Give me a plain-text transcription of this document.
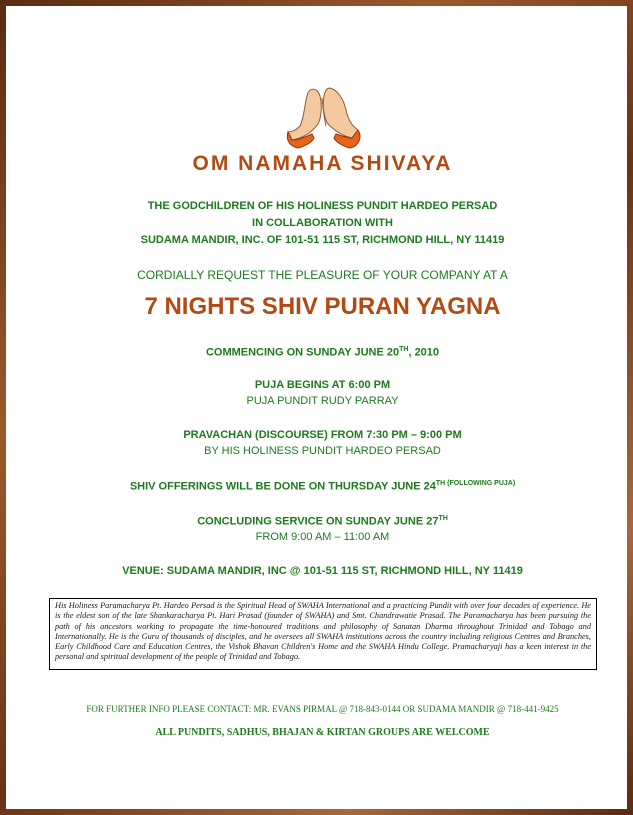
OM NAMAHA SHIVAYA
THE GODCHILDREN OF HIS HOLINESS PUNDIT HARDEO PERSAD
IN COLLABORATION WITH
SUDAMA MANDIR, INC. OF 101-51 115 ST, RICHMOND HILL, NY 11419
CORDIALLY REQUEST THE PLEASURE OF YOUR COMPANY AT A
7 NIGHTS SHIV PURAN YAGNA
COMMENCING ON SUNDAY JUNE 20TH, 2010
PUJA BEGINS AT 6:00 PM
PUJA PUNDIT RUDY PARRAY
PRAVACHAN (DISCOURSE) FROM 7:30 PM – 9:00 PM
BY HIS HOLINESS PUNDIT HARDEO PERSAD
SHIV OFFERINGS WILL BE DONE ON THURSDAY JUNE $24^{TH (FOLLOWING PUJA)}$
CONCLUDING SERVICE ON SUNDAY JUNE 27TH
FROM 9:00 AM – 11:00 AM
VENUE: SUDAMA MANDIR, INC @ 101-51 115 ST, RICHMOND HILL, NY 11419
His Holiness Paramacharya Pt. Hardeo Persad is the Spiritual Head of SWAHA International and a practicing Pundit with over four decades of experience. He is the eldest son of the late Shankaracharya Pt. Hari Prasad (founder of SWAHA) and Smt. Chandrawatie Prasad. The Paramacharya has been pursuing the path of his ancestors working to propagate the time-honoured traditions and philosophy of Sanatan Dharma throughout Trinidad and Tobago and Internationally. He is the Guru of thousands of disciples, and he oversees all SWAHA institutions across the country including religious Centres and Branches, Early Childhood Care and Education Centres, the Vishok Bhavan Children's Home and the SWAHA Hindu College. Pramacharyaji has a keen interest in the personal and spiritual development of the people of Trinidad and Tobago.
FOR FURTHER INFO PLEASE CONTACT: MR. EVANS PIRMAL @ 718-843-0144 OR SUDAMA MANDIR @ 718-441-9425
ALL PUNDITS, SADHUS, BHAJAN & KIRTAN GROUPS ARE WELCOME
